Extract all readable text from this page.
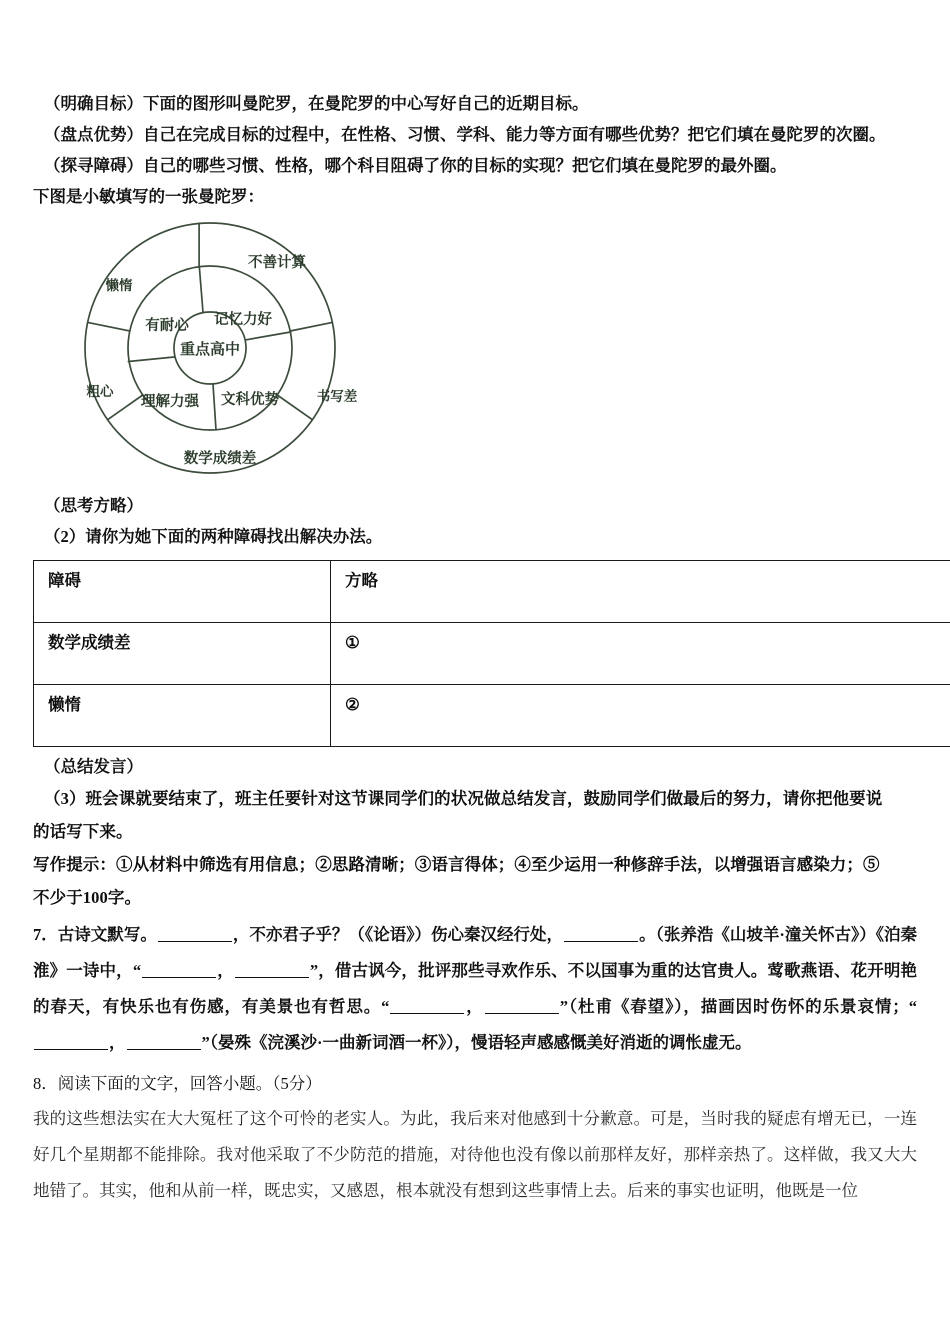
（明确目标）下面的图形叫曼陀罗，在曼陀罗的中心写好自己的近期目标。
（盘点优势）自己在完成目标的过程中，在性格、习惯、学科、能力等方面有哪些优势？把它们填在曼陀罗的次圈。
（探寻障碍）自己的哪些习惯、性格，哪个科目阻碍了你的目标的实现？把它们填在曼陀罗的最外圈。
下图是小敏填写的一张曼陀罗：
重点高中
记忆力好
有耐心
理解力强 文科优势
不善计算
懒惰
粗心
数学成绩差
书写差
（思考方略）
（2）请你为她下面的两种障碍找出解决办法。
障碍	方略
数学成绩差	①
懒惰	②
（总结发言）
（3）班会课就要结束了，班主任要针对这节课同学们的状况做总结发言，鼓励同学们做最后的努力，请你把他要说
的话写下来。
写作提示：①从材料中筛选有用信息；②思路清晰；③语言得体；④至少运用一种修辞手法，以增强语言感染力；⑤
不少于100字。
7．古诗文默写。	，不亦君子乎？（《论语》）伤心秦汉经行处，	。（张养浩《山坡羊·潼关怀古》）《泊秦淮》一诗中，“	，	”，借古讽今，批评那些寻欢作乐、不以国事为重的达官贵人。莺歌燕语、花开明艳的春天，有快乐也有伤感，有美景也有哲思。“	，	”（杜甫《春望》），描画因时伤怀的乐景哀情；“，	”（晏殊《浣溪沙·一曲新词酒一杯》），慢语轻声感感慨美好消逝的调怅虚无。
8．阅读下面的文字，回答小题。（5分）
我的这些想法实在大大冤枉了这个可怜的老实人。为此，我后来对他感到十分歉意。可是，当时我的疑虑有增无已，一连好几个星期都不能排除。我对他采取了不少防范的措施，对待他也没有像以前那样友好，那样亲热了。这样做，我又大大地错了。其实，他和从前一样，既忠实，又感恩，根本就没有想到这些事情上去。后来的事实也证明，他既是一位
